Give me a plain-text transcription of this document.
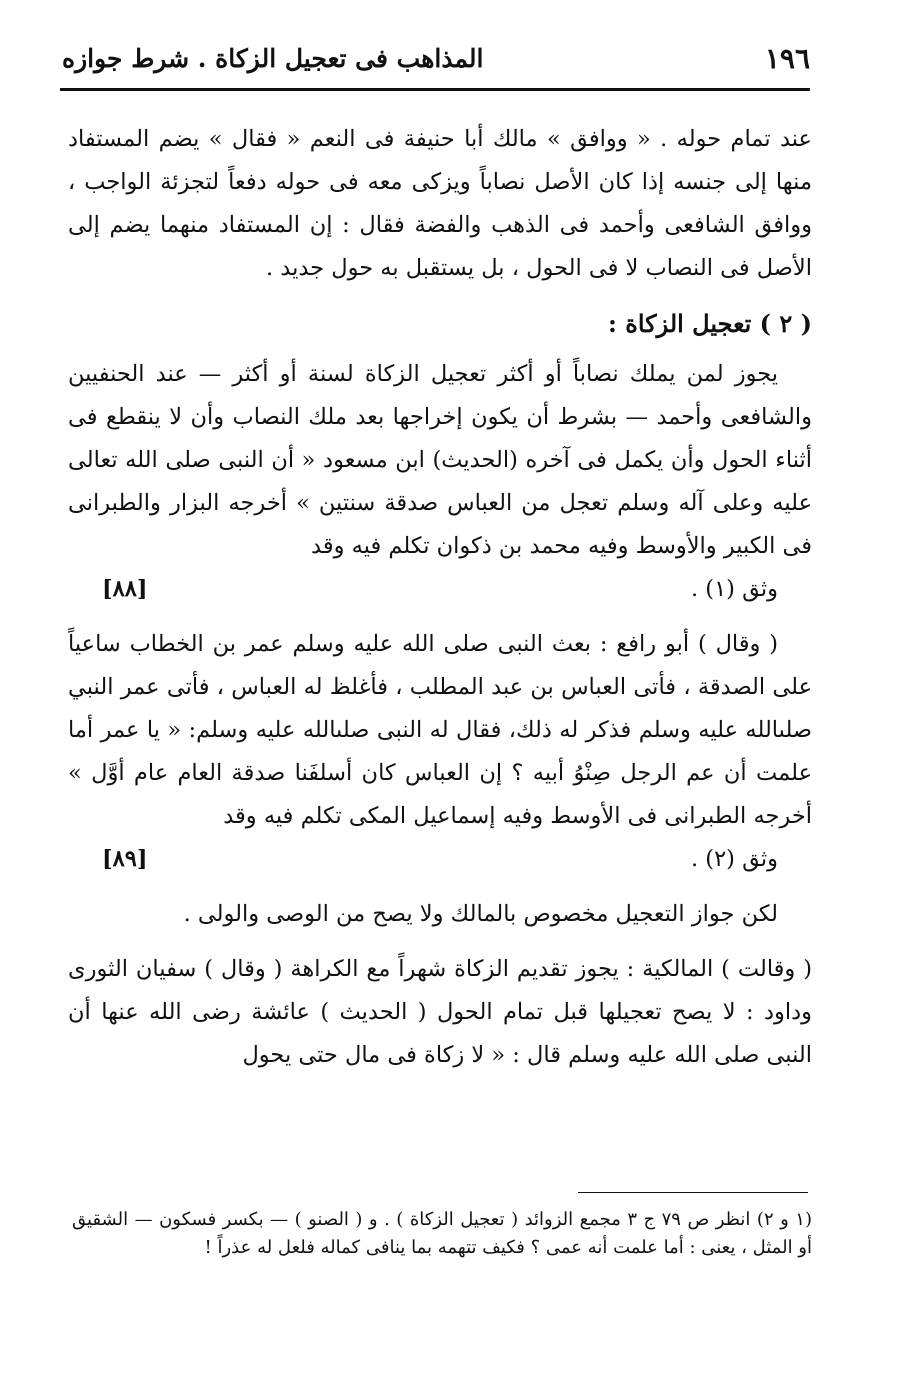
١٩٦
المذاهب فى تعجيل الزكاة . شرط جوازه

عند تمام حوله . « ووافق » مالك أبا حنيفة فى النعم « فقال » يضم المستفاد منها إلى جنسه إذا كان الأصل نصاباً ويزكى معه فى حوله دفعاً لتجزئة الواجب ، ووافق الشافعى وأحمد فى الذهب والفضة فقال : إن المستفاد منهما يضم إلى الأصل فى النصاب لا فى الحول ، بل يستقبل به حول جديد .

( ٢ ) تعجيل الزكاة :

يجوز لمن يملك نصاباً أو أكثر تعجيل الزكاة لسنة أو أكثر — عند الحنفيين والشافعى وأحمد — بشرط أن يكون إخراجها بعد ملك النصاب وأن لا ينقطع فى أثناء الحول وأن يكمل فى آخره (الحديث) ابن مسعود « أن النبى صلى الله تعالى عليه وعلى آله وسلم تعجل من العباس صدقة سنتين » أخرجه البزار والطبرانى فى الكبير والأوسط وفيه محمد بن ذكوان تكلم فيه وقد
وثق (١) .
[٨٨]
( وقال ) أبو رافع : بعث النبى صلى الله عليه وسلم عمر بن الخطاب ساعياً على الصدقة ، فأتى العباس بن عبد المطلب ، فأغلظ له العباس ، فأتى عمر النبي صلىالله عليه وسلم فذكر له ذلك، فقال له النبى صلىالله عليه وسلم: « يا عمر أما علمت أن عم الرجل صِنْوُ أبيه ؟ إن العباس كان أسلفَنا صدقة العام عام أوَّل » أخرجه الطبرانى فى الأوسط وفيه إسماعيل المكى تكلم فيه وقد
وثق (٢) .
[٨٩]

لكن جواز التعجيل مخصوص بالمالك ولا يصح من الوصى والولى .

( وقالت ) المالكية : يجوز تقديم الزكاة شهراً مع الكراهة ( وقال ) سفيان الثورى وداود : لا يصح تعجيلها قبل تمام الحول ( الحديث ) عائشة رضى الله عنها أن النبى صلى الله عليه وسلم قال : « لا زكاة فى مال حتى يحول

(١ و ٢) انظر ص ٧٩ ج ٣ مجمع الزوائد ( تعجيل الزكاة ) . و ( الصنو ) — بكسر فسكون — الشقيق أو المثل ، يعنى : أما علمت أنه عمى ؟ فكيف تتهمه بما ينافى كماله فلعل له عذراً !
